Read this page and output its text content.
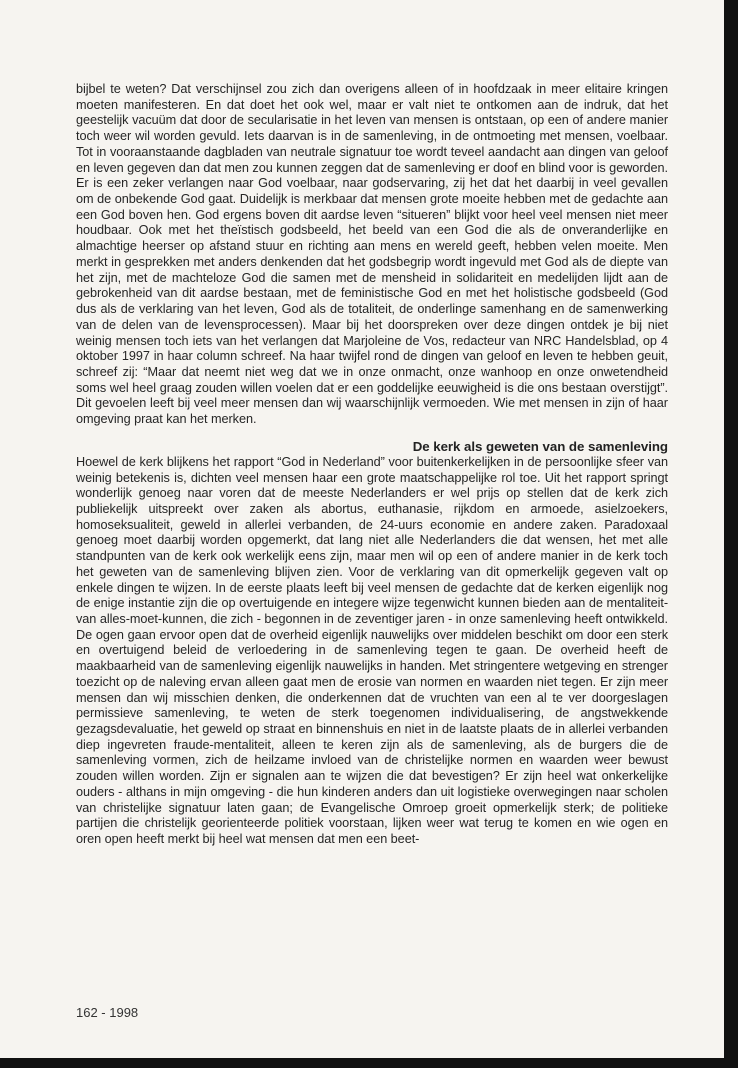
bijbel te weten? Dat verschijnsel zou zich dan overigens alleen of in hoofdzaak in meer elitaire kringen moeten manifesteren. En dat doet het ook wel, maar er valt niet te ontkomen aan de indruk, dat het geestelijk vacuüm dat door de secularisatie in het leven van mensen is ontstaan, op een of andere manier toch weer wil worden gevuld. Iets daarvan is in de samenleving, in de ontmoeting met mensen, voelbaar. Tot in vooraanstaande dagbladen van neutrale signatuur toe wordt teveel aandacht aan dingen van geloof en leven gegeven dan dat men zou kunnen zeggen dat de samenleving er doof en blind voor is geworden. Er is een zeker verlangen naar God voelbaar, naar godservaring, zij het dat het daarbij in veel gevallen om de onbekende God gaat. Duidelijk is merkbaar dat mensen grote moeite hebben met de gedachte aan een God boven hen. God ergens boven dit aardse leven “situeren” blijkt voor heel veel mensen niet meer houdbaar. Ook met het theïstisch godsbeeld, het beeld van een God die als de onveranderlijke en almachtige heerser op afstand stuur en richting aan mens en wereld geeft, hebben velen moeite. Men merkt in gesprekken met anders denkenden dat het godsbegrip wordt ingevuld met God als de diepte van het zijn, met de machteloze God die samen met de mensheid in solidariteit en medelijden lijdt aan de gebrokenheid van dit aardse bestaan, met de feministische God en met het holistische godsbeeld (God dus als de verklaring van het leven, God als de totaliteit, de onderlinge samenhang en de samenwerking van de delen van de levensprocessen). Maar bij het doorspreken over deze dingen ontdek je bij niet weinig mensen toch iets van het verlangen dat Marjoleine de Vos, redacteur van NRC Handelsblad, op 4 oktober 1997 in haar column schreef. Na haar twijfel rond de dingen van geloof en leven te hebben geuit, schreef zij: “Maar dat neemt niet weg dat we in onze onmacht, onze wanhoop en onze onwetendheid soms wel heel graag zouden willen voelen dat er een goddelijke eeuwigheid is die ons bestaan overstijgt”. Dit gevoelen leeft bij veel meer mensen dan wij waarschijnlijk vermoeden. Wie met mensen in zijn of haar omgeving praat kan het merken.

De kerk als geweten van de samenleving

Hoewel de kerk blijkens het rapport “God in Nederland” voor buitenkerkelijken in de persoonlijke sfeer van weinig betekenis is, dichten veel mensen haar een grote maatschappelijke rol toe. Uit het rapport springt wonderlijk genoeg naar voren dat de meeste Nederlanders er wel prijs op stellen dat de kerk zich publiekelijk uitspreekt over zaken als abortus, euthanasie, rijkdom en armoede, asielzoekers, homoseksualiteit, geweld in allerlei verbanden, de 24-uurs economie en andere zaken. Paradoxaal genoeg moet daarbij worden opgemerkt, dat lang niet alle Nederlanders die dat wensen, het met alle standpunten van de kerk ook werkelijk eens zijn, maar men wil op een of andere manier in de kerk toch het geweten van de samenleving blijven zien. Voor de verklaring van dit opmerkelijk gegeven valt op enkele dingen te wijzen. In de eerste plaats leeft bij veel mensen de gedachte dat de kerken eigenlijk nog de enige instantie zijn die op overtuigende en integere wijze tegenwicht kunnen bieden aan de mentaliteit-van alles-moet-kunnen, die zich - begonnen in de zeventiger jaren - in onze samenleving heeft ontwikkeld. De ogen gaan ervoor open dat de overheid eigenlijk nauwelijks over middelen beschikt om door een sterk en overtuigend beleid de verloedering in de samenleving tegen te gaan. De overheid heeft de maakbaarheid van de samenleving eigenlijk nauwelijks in handen. Met stringentere wetgeving en strenger toezicht op de naleving ervan alleen gaat men de erosie van normen en waarden niet tegen. Er zijn meer mensen dan wij misschien denken, die onderkennen dat de vruchten van een al te ver doorgeslagen permissieve samenleving, te weten de sterk toegenomen individualisering, de angstwekkende gezagsdevaluatie, het geweld op straat en binnenshuis en niet in de laatste plaats de in allerlei verbanden diep ingevreten fraude-mentaliteit, alleen te keren zijn als de samenleving, als de burgers die de samenleving vormen, zich de heilzame invloed van de christelijke normen en waarden weer bewust zouden willen worden. Zijn er signalen aan te wijzen die dat bevestigen? Er zijn heel wat onkerkelijke ouders - althans in mijn omgeving - die hun kinderen anders dan uit logistieke overwegingen naar scholen van christelijke signatuur laten gaan; de Evangelische Omroep groeit opmerkelijk sterk; de politieke partijen die christelijk georienteerde politiek voorstaan, lijken weer wat terug te komen en wie ogen en oren open heeft merkt bij heel wat mensen dat men een beet-

162 - 1998
